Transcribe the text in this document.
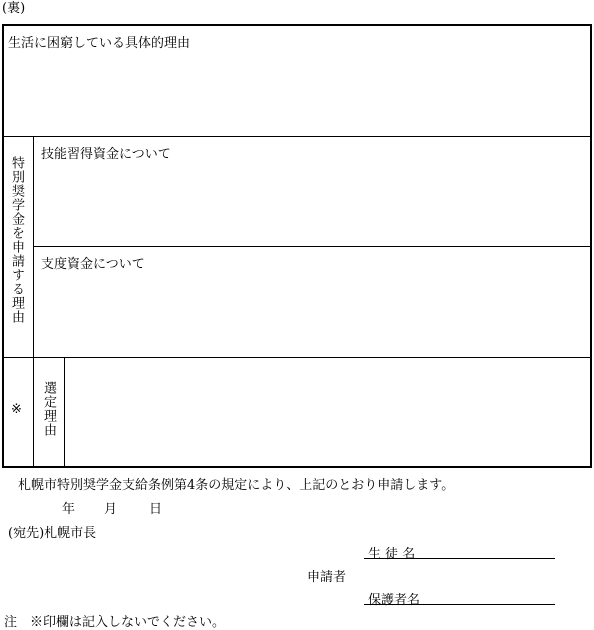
(裏)
生活に困窮している具体的理由
特別奨学金を申請する理由
技能習得資金について
支度資金について
※ 選定理由
札幌市特別奨学金支給条例第4条の規定により、上記のとおり申請します。
年 月 日
(宛先)札幌市長
生 徒 名
申請者
保護者名
注　※印欄は記入しないでください。
